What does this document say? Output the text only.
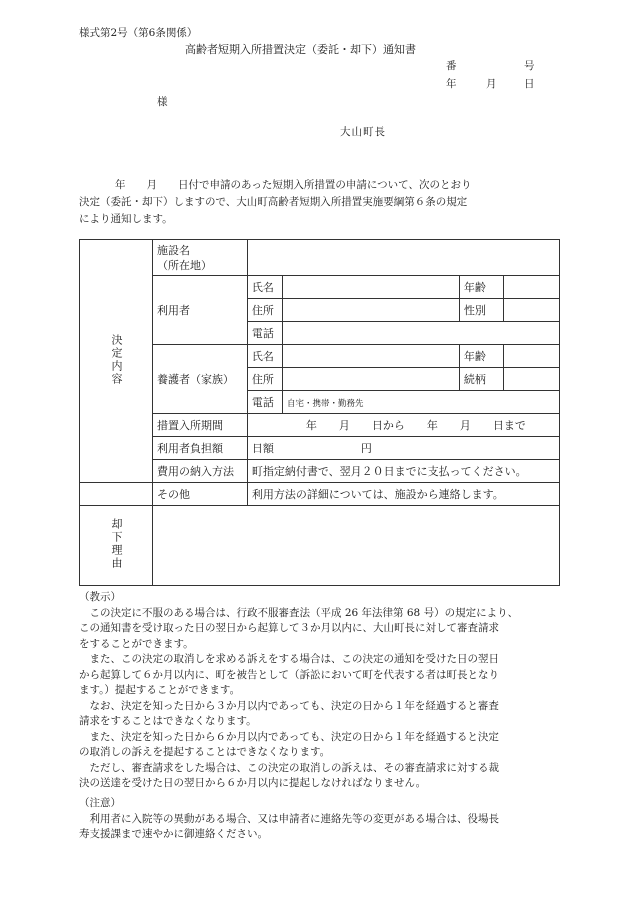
様式第2号（第6条関係）
高齢者短期入所措置決定（委託・却下）通知書
番	号
年	月	日
様
大山町長

年　　月　　日付で申請のあった短期入所措置の申請について、次のとおり

決定（委託・却下）しますので、大山町高齢者短期入所措置実施要綱第６条の規定

により通知します。

決定内容	施設名
（所在地）				

	利用者	氏名		年齢	
		住所		性別	
		電話			
	養護者（家族）	氏名		年齢	
		住所		続柄	
		電話	自宅・携帯・勤務先		
	措置入所期間	年　　月　　日から　　年　　月　　日まで			
	利用者負担額	日額 円			
	費用の納入方法	町指定納付書で、翌月２０日までに支払ってください。			
	その他	利用方法の詳細については、施設から連絡します。			
却下理由					

（教示）

この決定に不服のある場合は、行政不服審査法（平成 26 年法律第 68 号）の規定により、

この通知書を受け取った日の翌日から起算して３か月以内に、大山町長に対して審査請求

をすることができます。

また、この決定の取消しを求める訴えをする場合は、この決定の通知を受けた日の翌日

から起算して６か月以内に、町を被告として（訴訟において町を代表する者は町長となり

ます。）提起することができます。

なお、決定を知った日から３か月以内であっても、決定の日から１年を経過すると審査

請求をすることはできなくなります。

また、決定を知った日から６か月以内であっても、決定の日から１年を経過すると決定

の取消しの訴えを提起することはできなくなります。

ただし、審査請求をした場合は、この決定の取消しの訴えは、その審査請求に対する裁

決の送達を受けた日の翌日から６か月以内に提起しなければなりません。

（注意）

利用者に入院等の異動がある場合、又は申請者に連絡先等の変更がある場合は、役場長

寿支援課まで速やかに御連絡ください。
